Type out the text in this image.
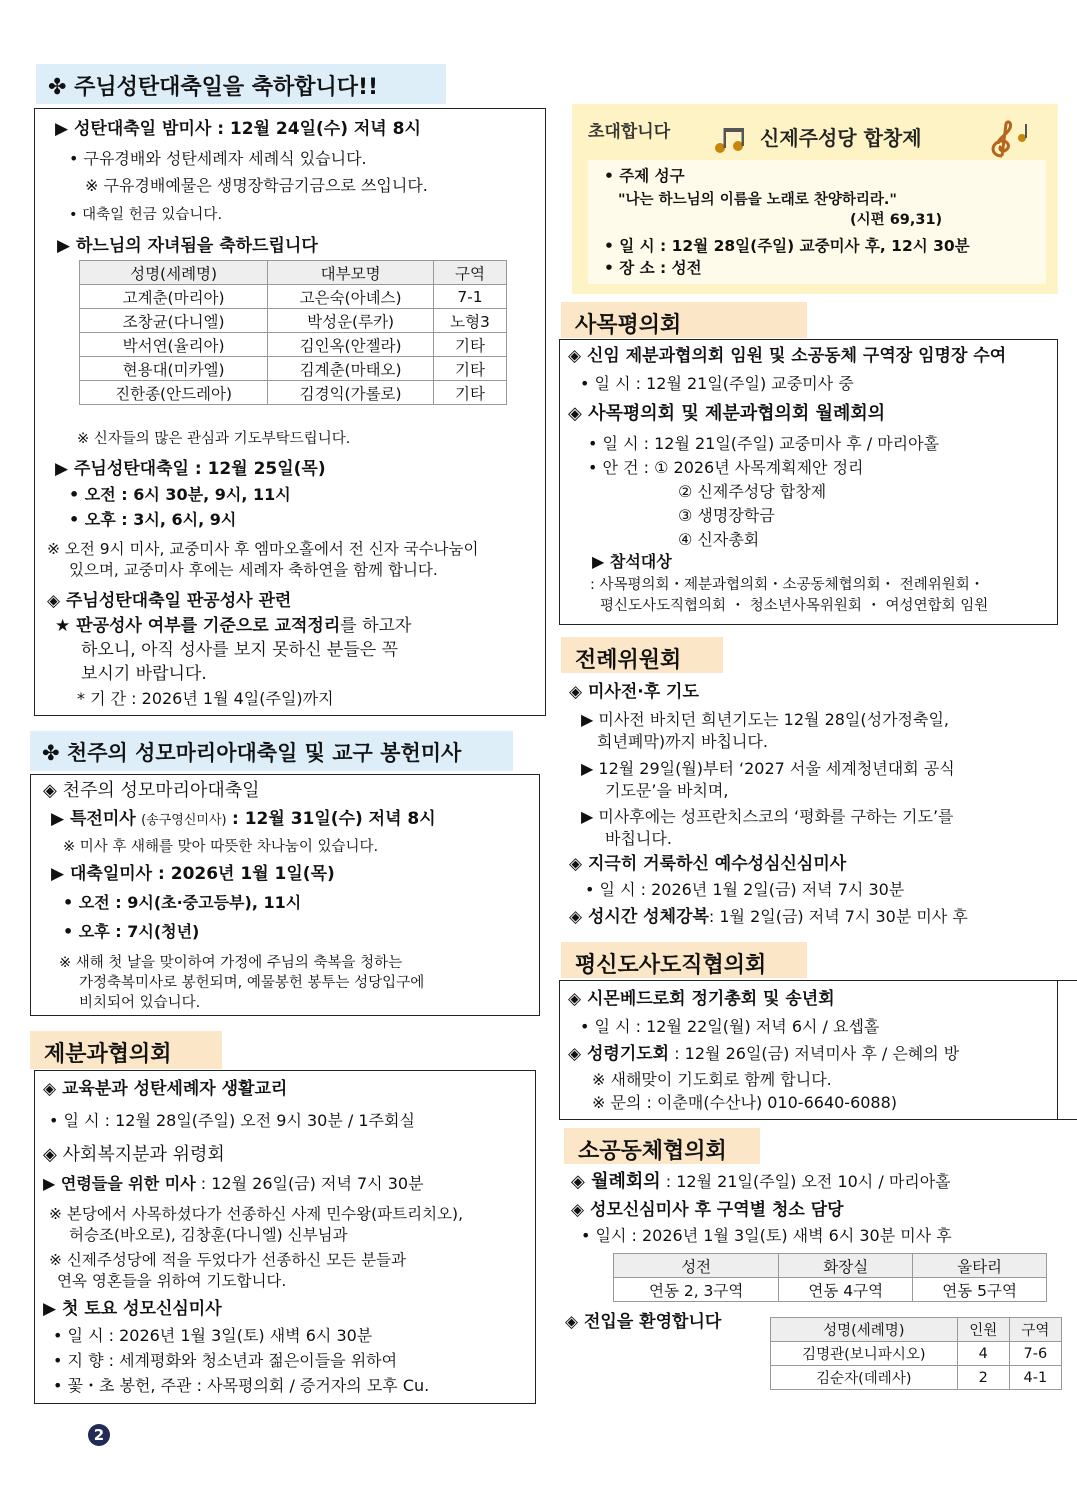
✤ 주님성탄대축일을 축하합니다!!
▶ 성탄대축일 밤미사 : 12월 24일(수) 저녁 8시
• 구유경배와 성탄세례자 세례식 있습니다.
※ 구유경배예물은 생명장학금기금으로 쓰입니다.
• 대축일 헌금 있습니다.
▶ 하느님의 자녀됨을 축하드립니다
성명(세례명)	대부모명	구역
고계춘(마리아)	고은숙(아녜스)	7-1
조창균(다니엘)	박성운(루카)	노형3
박서연(율리아)	김인옥(안젤라)	기타
현용대(미카엘)	김계춘(마태오)	기타
진한종(안드레아)	김경익(가롤로)	기타
※ 신자들의 많은 관심과 기도부탁드립니다.
▶ 주님성탄대축일 : 12월 25일(목)
• 오전 : 6시 30분, 9시, 11시
• 오후 : 3시, 6시, 9시
※ 오전 9시 미사, 교중미사 후 엠마오홀에서 전 신자 국수나눔이
있으며, 교중미사 후에는 세례자 축하연을 함께 합니다.
◈ 주님성탄대축일 판공성사 관련
★ 판공성사 여부를 기준으로 교적정리를 하고자
하오니, 아직 성사를 보지 못하신 분들은 꼭
보시기 바랍니다.
* 기 간 : 2026년 1월 4일(주일)까지
✤ 천주의 성모마리아대축일 및 교구 봉헌미사
◈ 천주의 성모마리아대축일
▶ 특전미사 (송구영신미사) : 12월 31일(수) 저녁 8시
※ 미사 후 새해를 맞아 따뜻한 차나눔이 있습니다.
▶ 대축일미사 : 2026년 1월 1일(목)
• 오전 : 9시(초·중고등부), 11시
• 오후 : 7시(청년)
※ 새해 첫 날을 맞이하여 가정에 주님의 축복을 청하는
가정축복미사로 봉헌되며, 예물봉헌 봉투는 성당입구에
비치되어 있습니다.
제분과협의회
◈ 교육분과 성탄세례자 생활교리
• 일 시 : 12월 28일(주일) 오전 9시 30분 / 1주회실
◈ 사회복지분과 위령회
▶ 연령들을 위한 미사 : 12월 26일(금) 저녁 7시 30분
※ 본당에서 사목하셨다가 선종하신 사제 민수왕(파트리치오),
허승조(바오로), 김창훈(다니엘) 신부님과
※ 신제주성당에 적을 두었다가 선종하신 모든 분들과
연옥 영혼들을 위하여 기도합니다.
▶ 첫 토요 성모신심미사
• 일 시 : 2026년 1월 3일(토) 새벽 6시 30분
• 지 향 : 세계평화와 청소년과 젊은이들을 위하여
• 꽃・초 봉헌, 주관 : 사목평의회 / 증거자의 모후 Cu.
2
초대합니다	신제주성당 합창제
• 주제 성구
"나는 하느님의 이름을 노래로 찬양하리라."
(시편 69,31)
• 일 시 : 12월 28일(주일) 교중미사 후, 12시 30분
• 장 소 : 성전
사목평의회
◈ 신임 제분과협의회 임원 및 소공동체 구역장 임명장 수여
• 일 시 : 12월 21일(주일) 교중미사 중
◈ 사목평의회 및 제분과협의회 월례회의
• 일 시 : 12월 21일(주일) 교중미사 후 / 마리아홀
• 안 건 : ① 2026년 사목계획제안 정리
② 신제주성당 합창제
③ 생명장학금
④ 신자총회
▶ 참석대상
: 사목평의회・제분과협의회・소공동체협의회・ 전례위원회・
평신도사도직협의회 ・ 청소년사목위원회 ・ 여성연합회 임원
전례위원회
◈ 미사전·후 기도
▶ 미사전 바치던 희년기도는 12월 28일(성가정축일,
희년폐막)까지 바칩니다.
▶ 12월 29일(월)부터 ‘2027 서울 세계청년대회 공식
기도문’을 바치며,
▶ 미사후에는 성프란치스코의 ‘평화를 구하는 기도’를
바칩니다.
◈ 지극히 거룩하신 예수성심신심미사
• 일 시 : 2026년 1월 2일(금) 저녁 7시 30분
◈ 성시간 성체강복: 1월 2일(금) 저녁 7시 30분 미사 후
평신도사도직협의회
◈ 시몬베드로회 정기총회 및 송년회
• 일 시 : 12월 22일(월) 저녁 6시 / 요셉홀
◈ 성령기도회 : 12월 26일(금) 저녁미사 후 / 은혜의 방
※ 새해맞이 기도회로 함께 합니다.
※ 문의 : 이춘매(수산나) 010-6640-6088)
소공동체협의회
◈ 월례회의 : 12월 21일(주일) 오전 10시 / 마리아홀
◈ 성모신심미사 후 구역별 청소 담당
• 일시 : 2026년 1월 3일(토) 새벽 6시 30분 미사 후
성전	화장실	울타리
연동 2, 3구역	연동 4구역	연동 5구역
◈ 전입을 환영합니다	성명(세례명)	인원	구역
김명관(보니파시오)	4	7-6
김순자(데레사)	2	4-1
